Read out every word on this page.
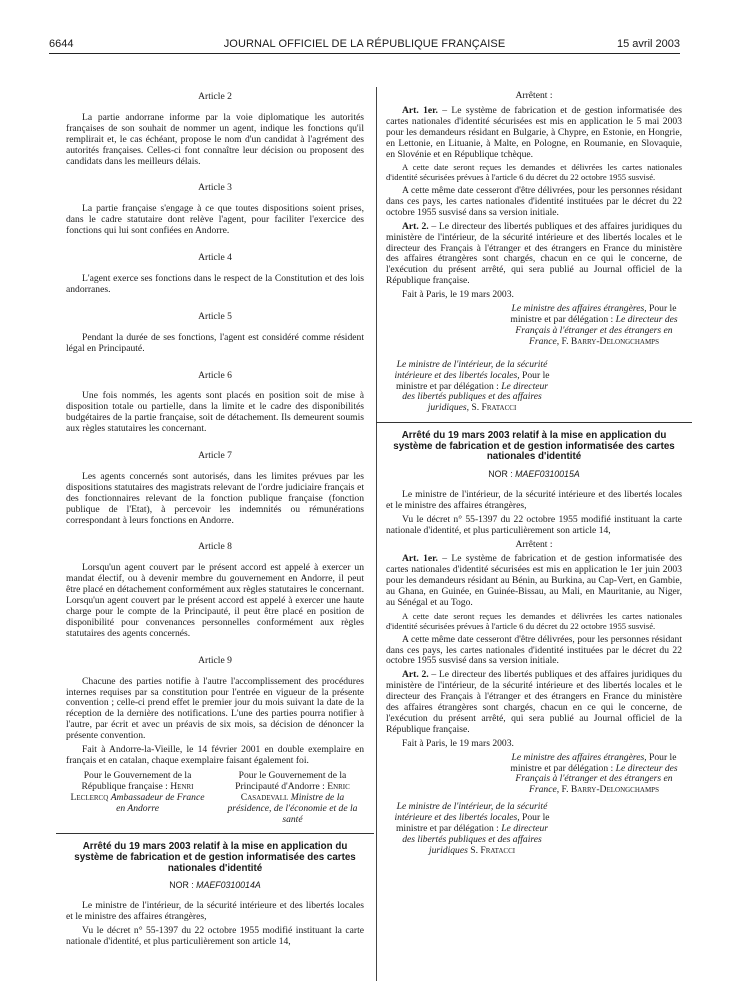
6644	JOURNAL OFFICIEL DE LA RÉPUBLIQUE FRANÇAISE	15 avril 2003
Article 2
La partie andorrane informe par la voie diplomatique les autorités françaises de son souhait de nommer un agent, indique les fonctions qu'il remplirait et, le cas échéant, propose le nom d'un candidat à l'agrément des autorités françaises. Celles-ci font connaître leur décision ou proposent des candidats dans les meilleurs délais.
Article 3
La partie française s'engage à ce que toutes dispositions soient prises, dans le cadre statutaire dont relève l'agent, pour faciliter l'exercice des fonctions qui lui sont confiées en Andorre.
Article 4
L'agent exerce ses fonctions dans le respect de la Constitution et des lois andorranes.
Article 5
Pendant la durée de ses fonctions, l'agent est considéré comme résident légal en Principauté.
Article 6
Une fois nommés, les agents sont placés en position soit de mise à disposition totale ou partielle, dans la limite et le cadre des disponibilités budgétaires de la partie française, soit de détachement. Ils demeurent soumis aux règles statutaires les concernant.
Article 7
Les agents concernés sont autorisés, dans les limites prévues par les dispositions statutaires des magistrats relevant de l'ordre judiciaire français et des fonctionnaires relevant de la fonction publique française (fonction publique de l'Etat), à percevoir les indemnités ou rémunérations correspondant à leurs fonctions en Andorre.
Article 8
Lorsqu'un agent couvert par le présent accord est appelé à exercer un mandat électif, ou à devenir membre du gouvernement en Andorre, il peut être placé en détachement conformément aux règles statutaires le concernant. Lorsqu'un agent couvert par le présent accord est appelé à exercer une haute charge pour le compte de la Principauté, il peut être placé en position de disponibilité pour convenances personnelles conformément aux règles statutaires des agents concernés.
Article 9
Chacune des parties notifie à l'autre l'accomplissement des procédures internes requises par sa constitution pour l'entrée en vigueur de la présente convention ; celle-ci prend effet le premier jour du mois suivant la date de la réception de la dernière des notifications. L'une des parties pourra notifier à l'autre, par écrit et avec un préavis de six mois, sa décision de dénoncer la présente convention.
Fait à Andorre-la-Vieille, le 14 février 2001 en double exemplaire en français et en catalan, chaque exemplaire faisant également foi.
Pour le Gouvernement de la République française : Henri Leclercq Ambassadeur de France en Andorre
Pour le Gouvernement de la Principauté d'Andorre : Enric Casadevall Ministre de la présidence, de l'économie et de la santé
Arrêté du 19 mars 2003 relatif à la mise en application du système de fabrication et de gestion informatisée des cartes nationales d'identité
NOR : MAEF0310014A
Le ministre de l'intérieur, de la sécurité intérieure et des libertés locales et le ministre des affaires étrangères,
Vu le décret n° 55-1397 du 22 octobre 1955 modifié instituant la carte nationale d'identité, et plus particulièrement son article 14,
Arrêtent :
Art. 1er. – Le système de fabrication et de gestion informatisée des cartes nationales d'identité sécurisées est mis en application le 5 mai 2003 pour les demandeurs résidant en Bulgarie, à Chypre, en Estonie, en Hongrie, en Lettonie, en Lituanie, à Malte, en Pologne, en Roumanie, en Slovaquie, en Slovénie et en République tchèque.
A cette date seront reçues les demandes et délivrées les cartes nationales d'identité sécurisées prévues à l'article 6 du décret du 22 octobre 1955 susvisé.
A cette même date cesseront d'être délivrées, pour les personnes résidant dans ces pays, les cartes nationales d'identité instituées par le décret du 22 octobre 1955 susvisé dans sa version initiale.
Art. 2. – Le directeur des libertés publiques et des affaires juridiques du ministère de l'intérieur, de la sécurité intérieure et des libertés locales et le directeur des Français à l'étranger et des étrangers en France du ministère des affaires étrangères sont chargés, chacun en ce qui le concerne, de l'exécution du présent arrêté, qui sera publié au Journal officiel de la République française.
Fait à Paris, le 19 mars 2003.
Le ministre des affaires étrangères, Pour le ministre et par délégation : Le directeur des Français à l'étranger et des étrangers en France, F. Barry-Delongchamps
Le ministre de l'intérieur, de la sécurité intérieure et des libertés locales, Pour le ministre et par délégation : Le directeur des libertés publiques et des affaires juridiques, S. Fratacci
Arrêté du 19 mars 2003 relatif à la mise en application du système de fabrication et de gestion informatisée des cartes nationales d'identité
NOR : MAEF0310015A
Le ministre de l'intérieur, de la sécurité intérieure et des libertés locales et le ministre des affaires étrangères,
Vu le décret n° 55-1397 du 22 octobre 1955 modifié instituant la carte nationale d'identité, et plus particulièrement son article 14,
Arrêtent :
Art. 1er. – Le système de fabrication et de gestion informatisée des cartes nationales d'identité sécurisées est mis en application le 1er juin 2003 pour les demandeurs résidant au Bénin, au Burkina, au Cap-Vert, en Gambie, au Ghana, en Guinée, en Guinée-Bissau, au Mali, en Mauritanie, au Niger, au Sénégal et au Togo.
A cette date seront reçues les demandes et délivrées les cartes nationales d'identité sécurisées prévues à l'article 6 du décret du 22 octobre 1955 susvisé.
A cette même date cesseront d'être délivrées, pour les personnes résidant dans ces pays, les cartes nationales d'identité instituées par le décret du 22 octobre 1955 susvisé dans sa version initiale.
Art. 2. – Le directeur des libertés publiques et des affaires juridiques du ministère de l'intérieur, de la sécurité intérieure et des libertés locales et le directeur des Français à l'étranger et des étrangers en France du ministère des affaires étrangères sont chargés, chacun en ce qui le concerne, de l'exécution du présent arrêté, qui sera publié au Journal officiel de la République française.
Fait à Paris, le 19 mars 2003.
Le ministre des affaires étrangères, Pour le ministre et par délégation : Le directeur des Français à l'étranger et des étrangers en France, F. Barry-Delongchamps
Le ministre de l'intérieur, de la sécurité intérieure et des libertés locales, Pour le ministre et par délégation : Le directeur des libertés publiques et des affaires juridiques S. Fratacci
